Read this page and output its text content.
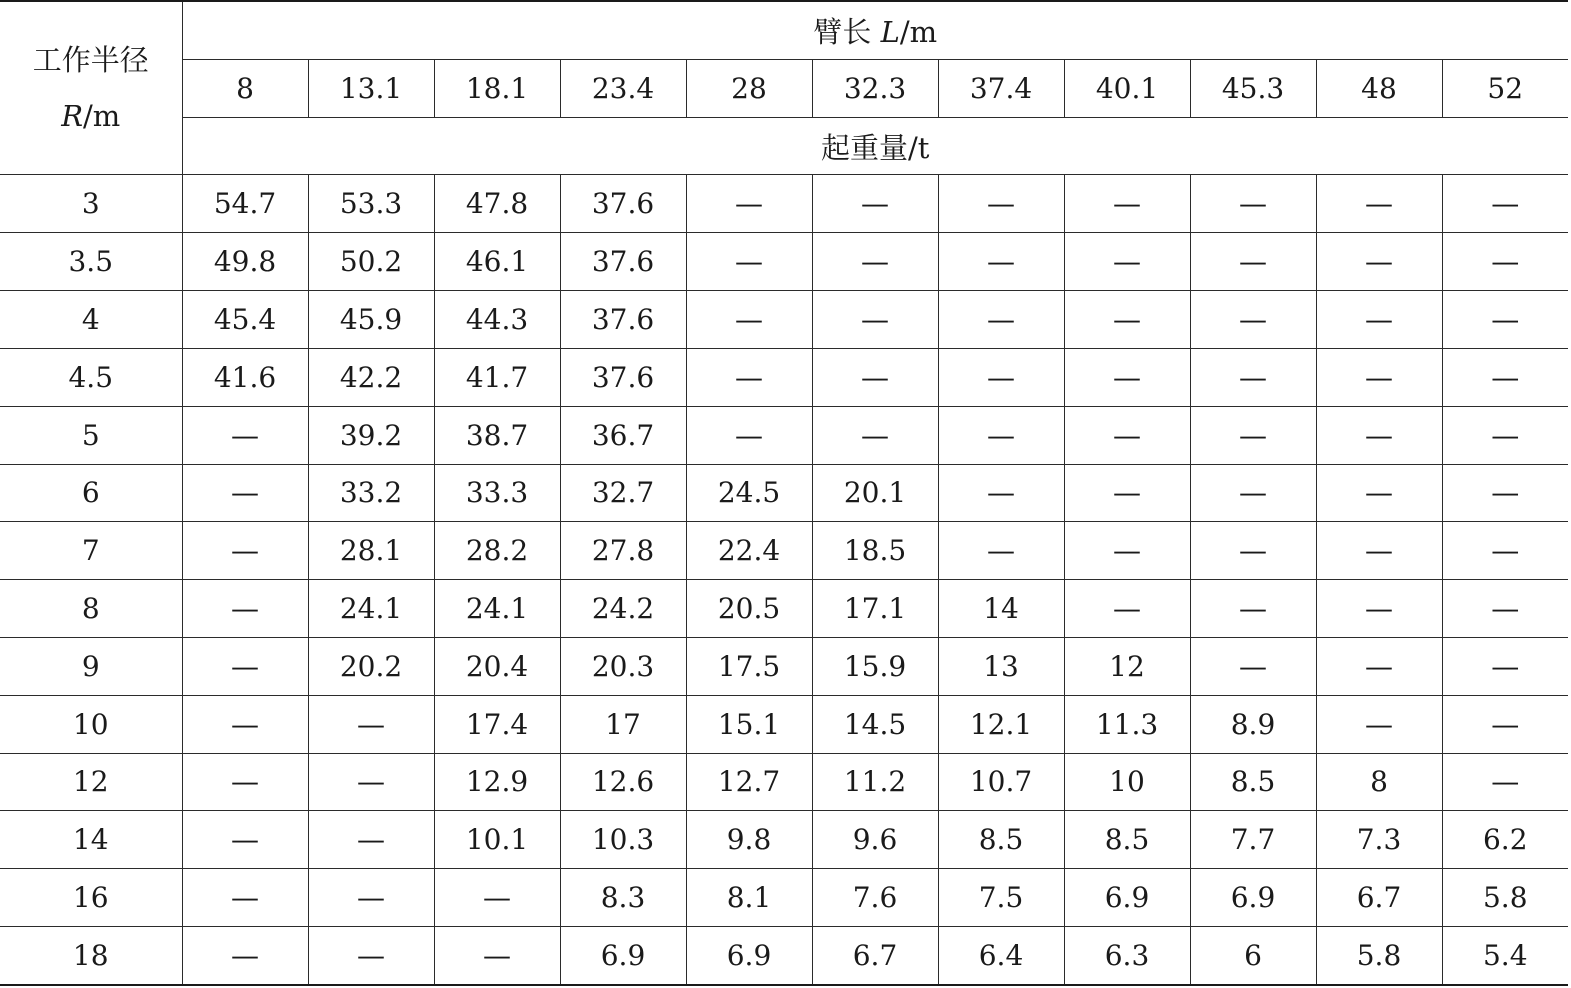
工作半径
R/m	臂长 L/m										
	8	13.1	18.1	23.4	28	32.3	37.4	40.1	45.3	48	52
	起重量/t										
3	54.7	53.3	47.8	37.6	—	—	—	—	—	—	—
3.5	49.8	50.2	46.1	37.6	—	—	—	—	—	—	—
4	45.4	45.9	44.3	37.6	—	—	—	—	—	—	—
4.5	41.6	42.2	41.7	37.6	—	—	—	—	—	—	—
5	—	39.2	38.7	36.7	—	—	—	—	—	—	—
6	—	33.2	33.3	32.7	24.5	20.1	—	—	—	—	—
7	—	28.1	28.2	27.8	22.4	18.5	—	—	—	—	—
8	—	24.1	24.1	24.2	20.5	17.1	14	—	—	—	—
9	—	20.2	20.4	20.3	17.5	15.9	13	12	—	—	—
10	—	—	17.4	17	15.1	14.5	12.1	11.3	8.9	—	—
12	—	—	12.9	12.6	12.7	11.2	10.7	10	8.5	8	—
14	—	—	10.1	10.3	9.8	9.6	8.5	8.5	7.7	7.3	6.2
16	—	—	—	8.3	8.1	7.6	7.5	6.9	6.9	6.7	5.8
18	—	—	—	6.9	6.9	6.7	6.4	6.3	6	5.8	5.4
